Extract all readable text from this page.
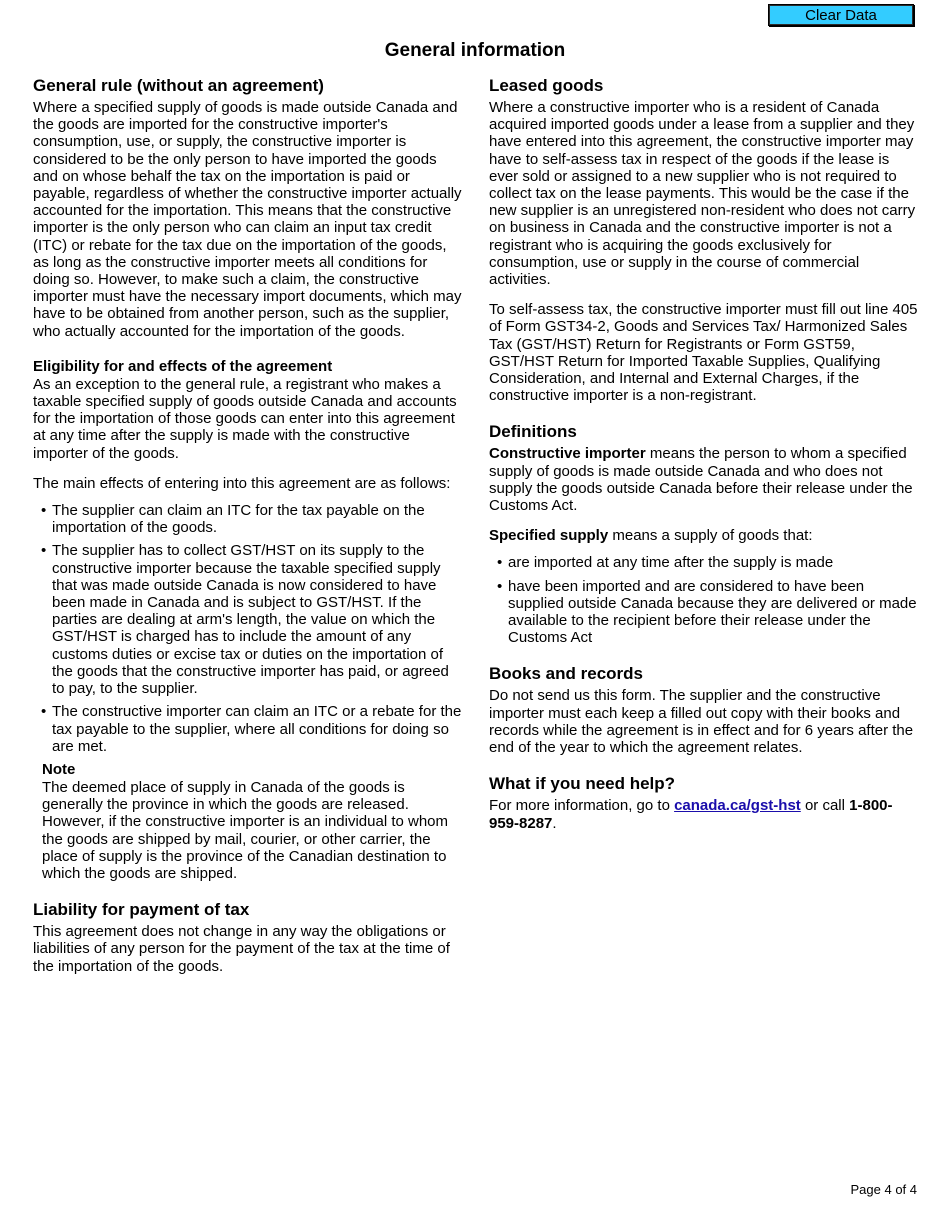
Clear Data
General information
General rule (without an agreement)

Where a specified supply of goods is made outside Canada and the goods are imported for the constructive importer's consumption, use, or supply, the constructive importer is considered to be the only person to have imported the goods and on whose behalf the tax on the importation is paid or payable, regardless of whether the constructive importer actually accounted for the importation. This means that the constructive importer is the only person who can claim an input tax credit (ITC) or rebate for the tax due on the importation of the goods, as long as the constructive importer meets all conditions for doing so. However, to make such a claim, the constructive importer must have the necessary import documents, which may have to be obtained from another person, such as the supplier, who actually accounted for the importation of the goods.

Eligibility for and effects of the agreement

As an exception to the general rule, a registrant who makes a taxable specified supply of goods outside Canada and accounts for the importation of those goods can enter into this agreement at any time after the supply is made with the constructive importer of the goods.

The main effects of entering into this agreement are as follows:

• The supplier can claim an ITC for the tax payable on the importation of the goods.
• The supplier has to collect GST/HST on its supply to the constructive importer because the taxable specified supply that was made outside Canada is now considered to have been made in Canada and is subject to GST/HST. If the parties are dealing at arm's length, the value on which the GST/HST is charged has to include the amount of any customs duties or excise tax or duties on the importation of the goods that the constructive importer has paid, or agreed to pay, to the supplier.
• The constructive importer can claim an ITC or a rebate for the tax payable to the supplier, where all conditions for doing so are met.
Note

The deemed place of supply in Canada of the goods is generally the province in which the goods are released. However, if the constructive importer is an individual to whom the goods are shipped by mail, courier, or other carrier, the place of supply is the province of the Canadian destination to which the goods are shipped.

Liability for payment of tax

This agreement does not change in any way the obligations or liabilities of any person for the payment of the tax at the time of the importation of the goods.

Leased goods

Where a constructive importer who is a resident of Canada acquired imported goods under a lease from a supplier and they have entered into this agreement, the constructive importer may have to self-assess tax in respect of the goods if the lease is ever sold or assigned to a new supplier who is not required to collect tax on the lease payments. This would be the case if the new supplier is an unregistered non-resident who does not carry on business in Canada and the constructive importer is not a registrant who is acquiring the goods exclusively for consumption, use or supply in the course of commercial activities.

To self-assess tax, the constructive importer must fill out line 405 of Form GST34-2, Goods and Services Tax/ Harmonized Sales Tax (GST/HST) Return for Registrants or Form GST59, GST/HST Return for Imported Taxable Supplies, Qualifying Consideration, and Internal and External Charges, if the constructive importer is a non-registrant.

Definitions

Constructive importer means the person to whom a specified supply of goods is made outside Canada and who does not supply the goods outside Canada before their release under the Customs Act.

Specified supply means a supply of goods that:

• are imported at any time after the supply is made
• have been imported and are considered to have been supplied outside Canada because they are delivered or made available to the recipient before their release under the Customs Act
Books and records

Do not send us this form. The supplier and the constructive importer must each keep a filled out copy with their books and records while the agreement is in effect and for 6 years after the end of the year to which the agreement relates.

What if you need help?

For more information, go to canada.ca/gst-hst or call 1-800-959-8287.

Page 4 of 4
